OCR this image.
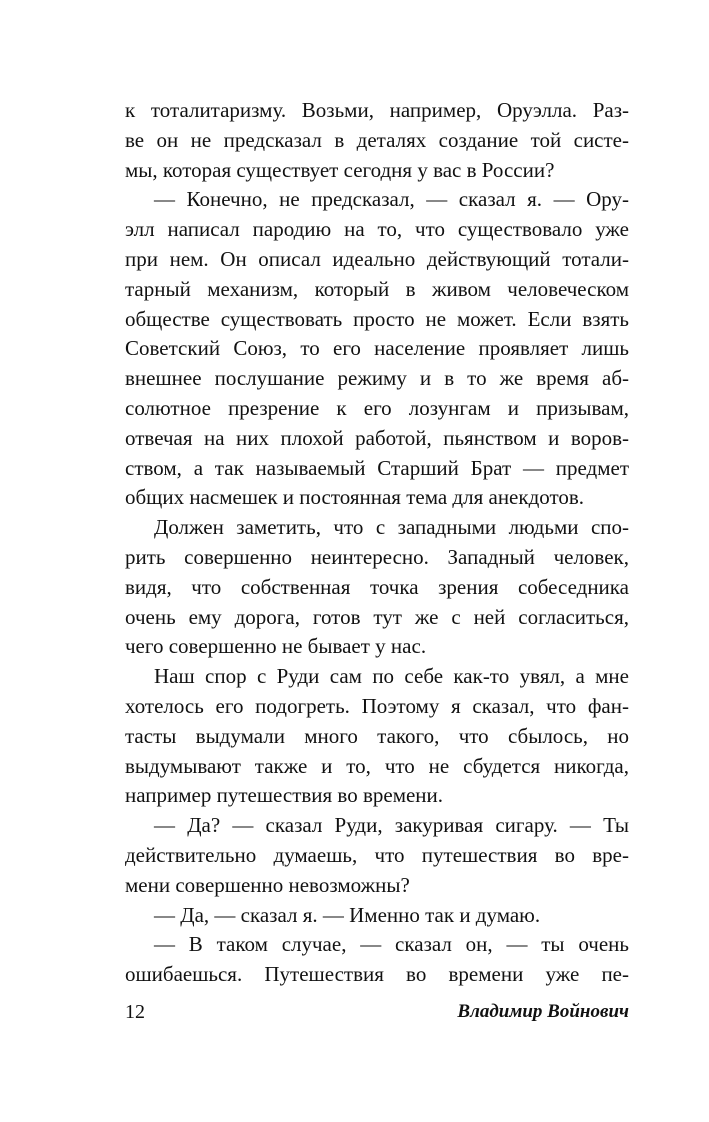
к тоталитаризму. Возьми, например, Оруэлла. Раз-
ве он не предсказал в деталях создание той систе-
мы, которая существует сегодня у вас в России?
— Конечно, не предсказал, — сказал я. — Ору-
элл написал пародию на то, что существовало уже
при нем. Он описал идеально действующий тотали-
тарный механизм, который в живом человеческом
обществе существовать просто не может. Если взять
Советский Союз, то его население проявляет лишь
внешнее послушание режиму и в то же время аб-
солютное презрение к его лозунгам и призывам,
отвечая на них плохой работой, пьянством и воров-
ством, а так называемый Старший Брат — предмет
общих насмешек и постоянная тема для анекдотов.
Должен заметить, что с западными людьми спо-
рить совершенно неинтересно. Западный человек,
видя, что собственная точка зрения собеседника
очень ему дорога, готов тут же с ней согласиться,
чего совершенно не бывает у нас.
Наш спор с Руди сам по себе как-то увял, а мне
хотелось его подогреть. Поэтому я сказал, что фан-
тасты выдумали много такого, что сбылось, но
выдумывают также и то, что не сбудется никогда,
например путешествия во времени.
— Да? — сказал Руди, закуривая сигару. — Ты
действительно думаешь, что путешествия во вре-
мени совершенно невозможны?
— Да, — сказал я. — Именно так и думаю.
— В таком случае, — сказал он, — ты очень
ошибаешься. Путешествия во времени уже пе-
12	Владимир Войнович
